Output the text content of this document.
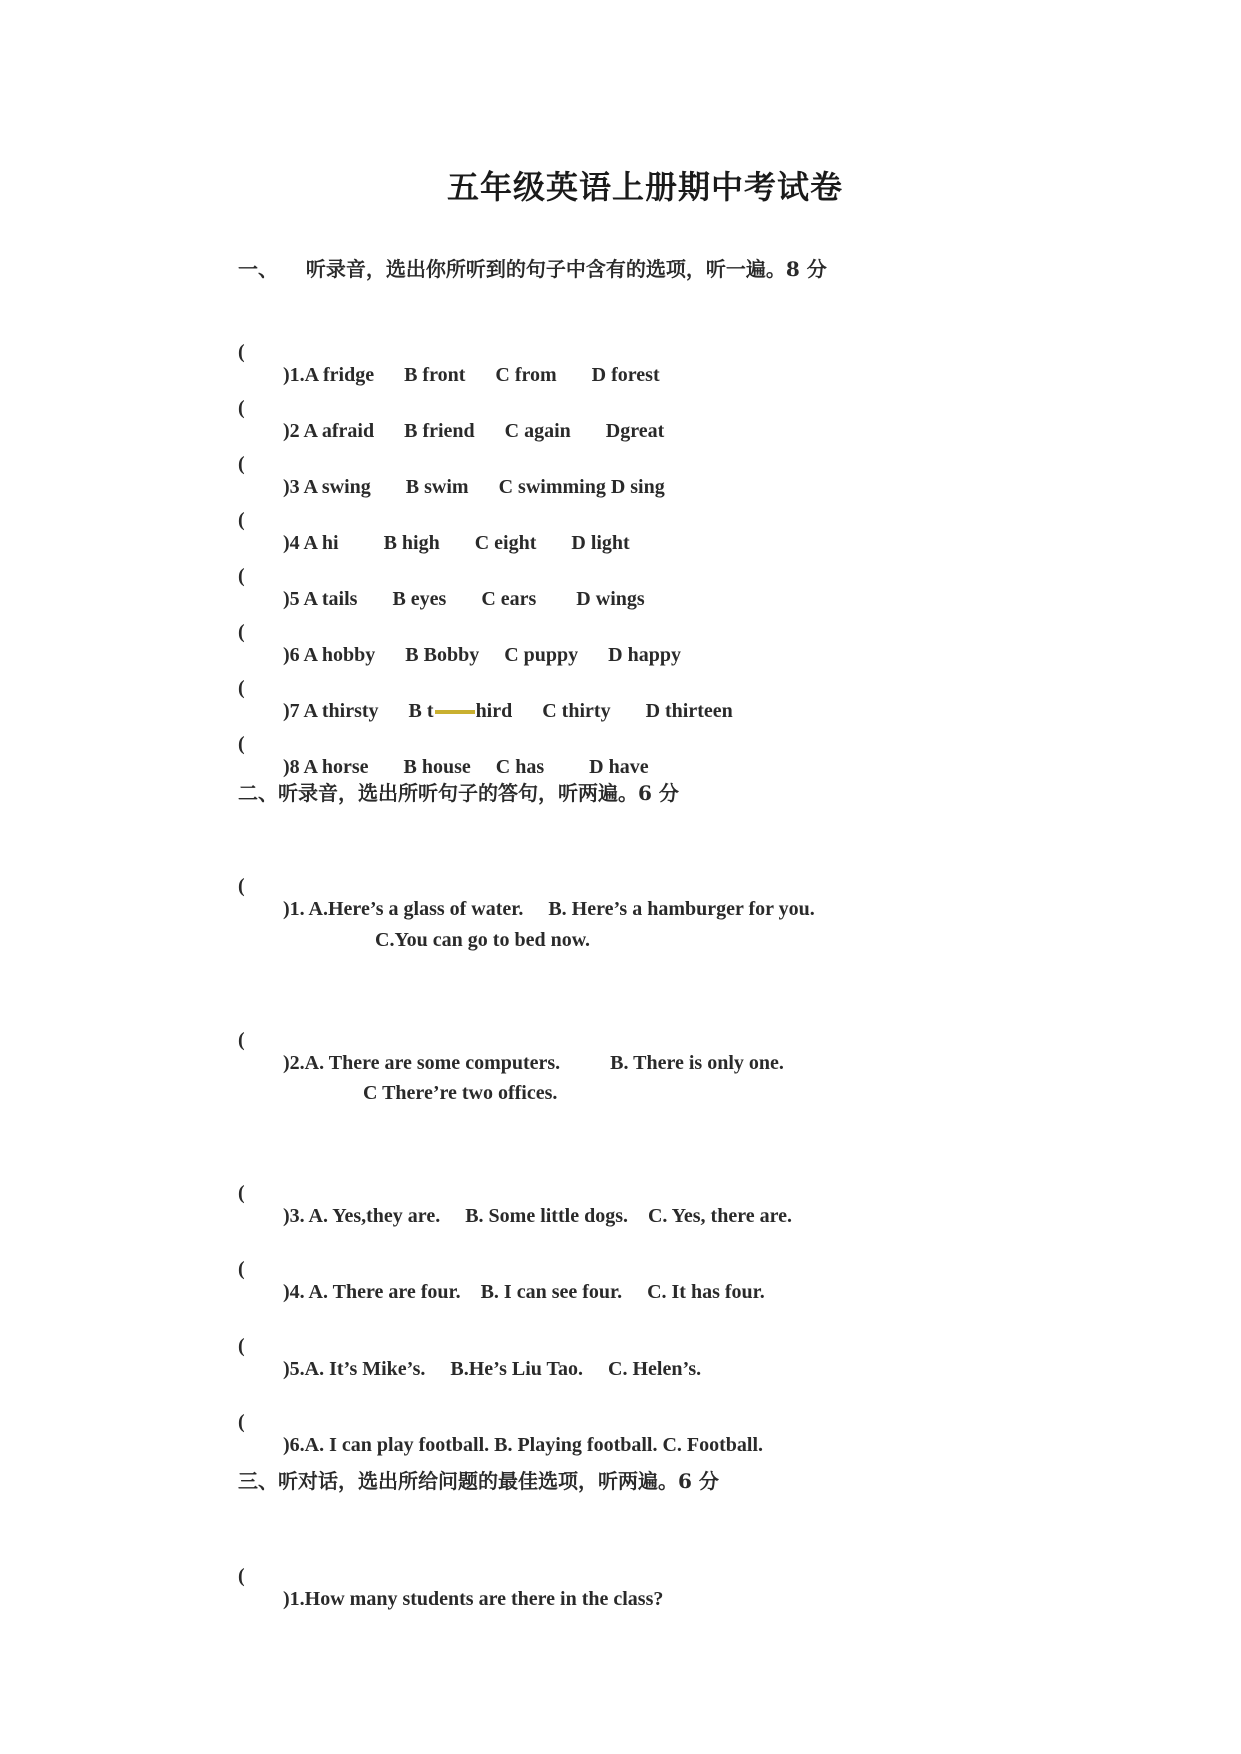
五年级英语上册期中考试卷
一、    听录音，选出你所听到的句子中含有的选项，听一遍。8 分

(

)1.A fridge      B front      C from       D forest

(

)2 A afraid      B friend      C again       Dgreat

(

)3 A swing       B swim      C swimming D sing

(

)4 A hi         B high       C eight       D light

(

)5 A tails       B eyes       C ears        D wings

(

)6 A hobby      B Bobby     C puppy      D happy

(

)7 A thirsty      B t hird      C thirty       D thirteen

(

)8 A horse       B house     C has         D have

二、听录音，选出所听句子的答句，听两遍。6 分

(

)1. A.Here’s a glass of water.     B. Here’s a hamburger for you.

C.You can go to bed now.

(

)2.A. There are some computers.          B. There is only one.

C There’re two offices.

(

)3. A. Yes,they are.     B. Some little dogs.    C. Yes, there are.

(

)4. A. There are four.    B. I can see four.     C. It has four.

(

)5.A. It’s Mike’s.     B.He’s Liu Tao.     C. Helen’s.

(

)6.A. I can play football. B. Playing football. C. Football.

三、听对话，选出所给问题的最佳选项，听两遍。6 分

(

)1.How many students are there in the class?
